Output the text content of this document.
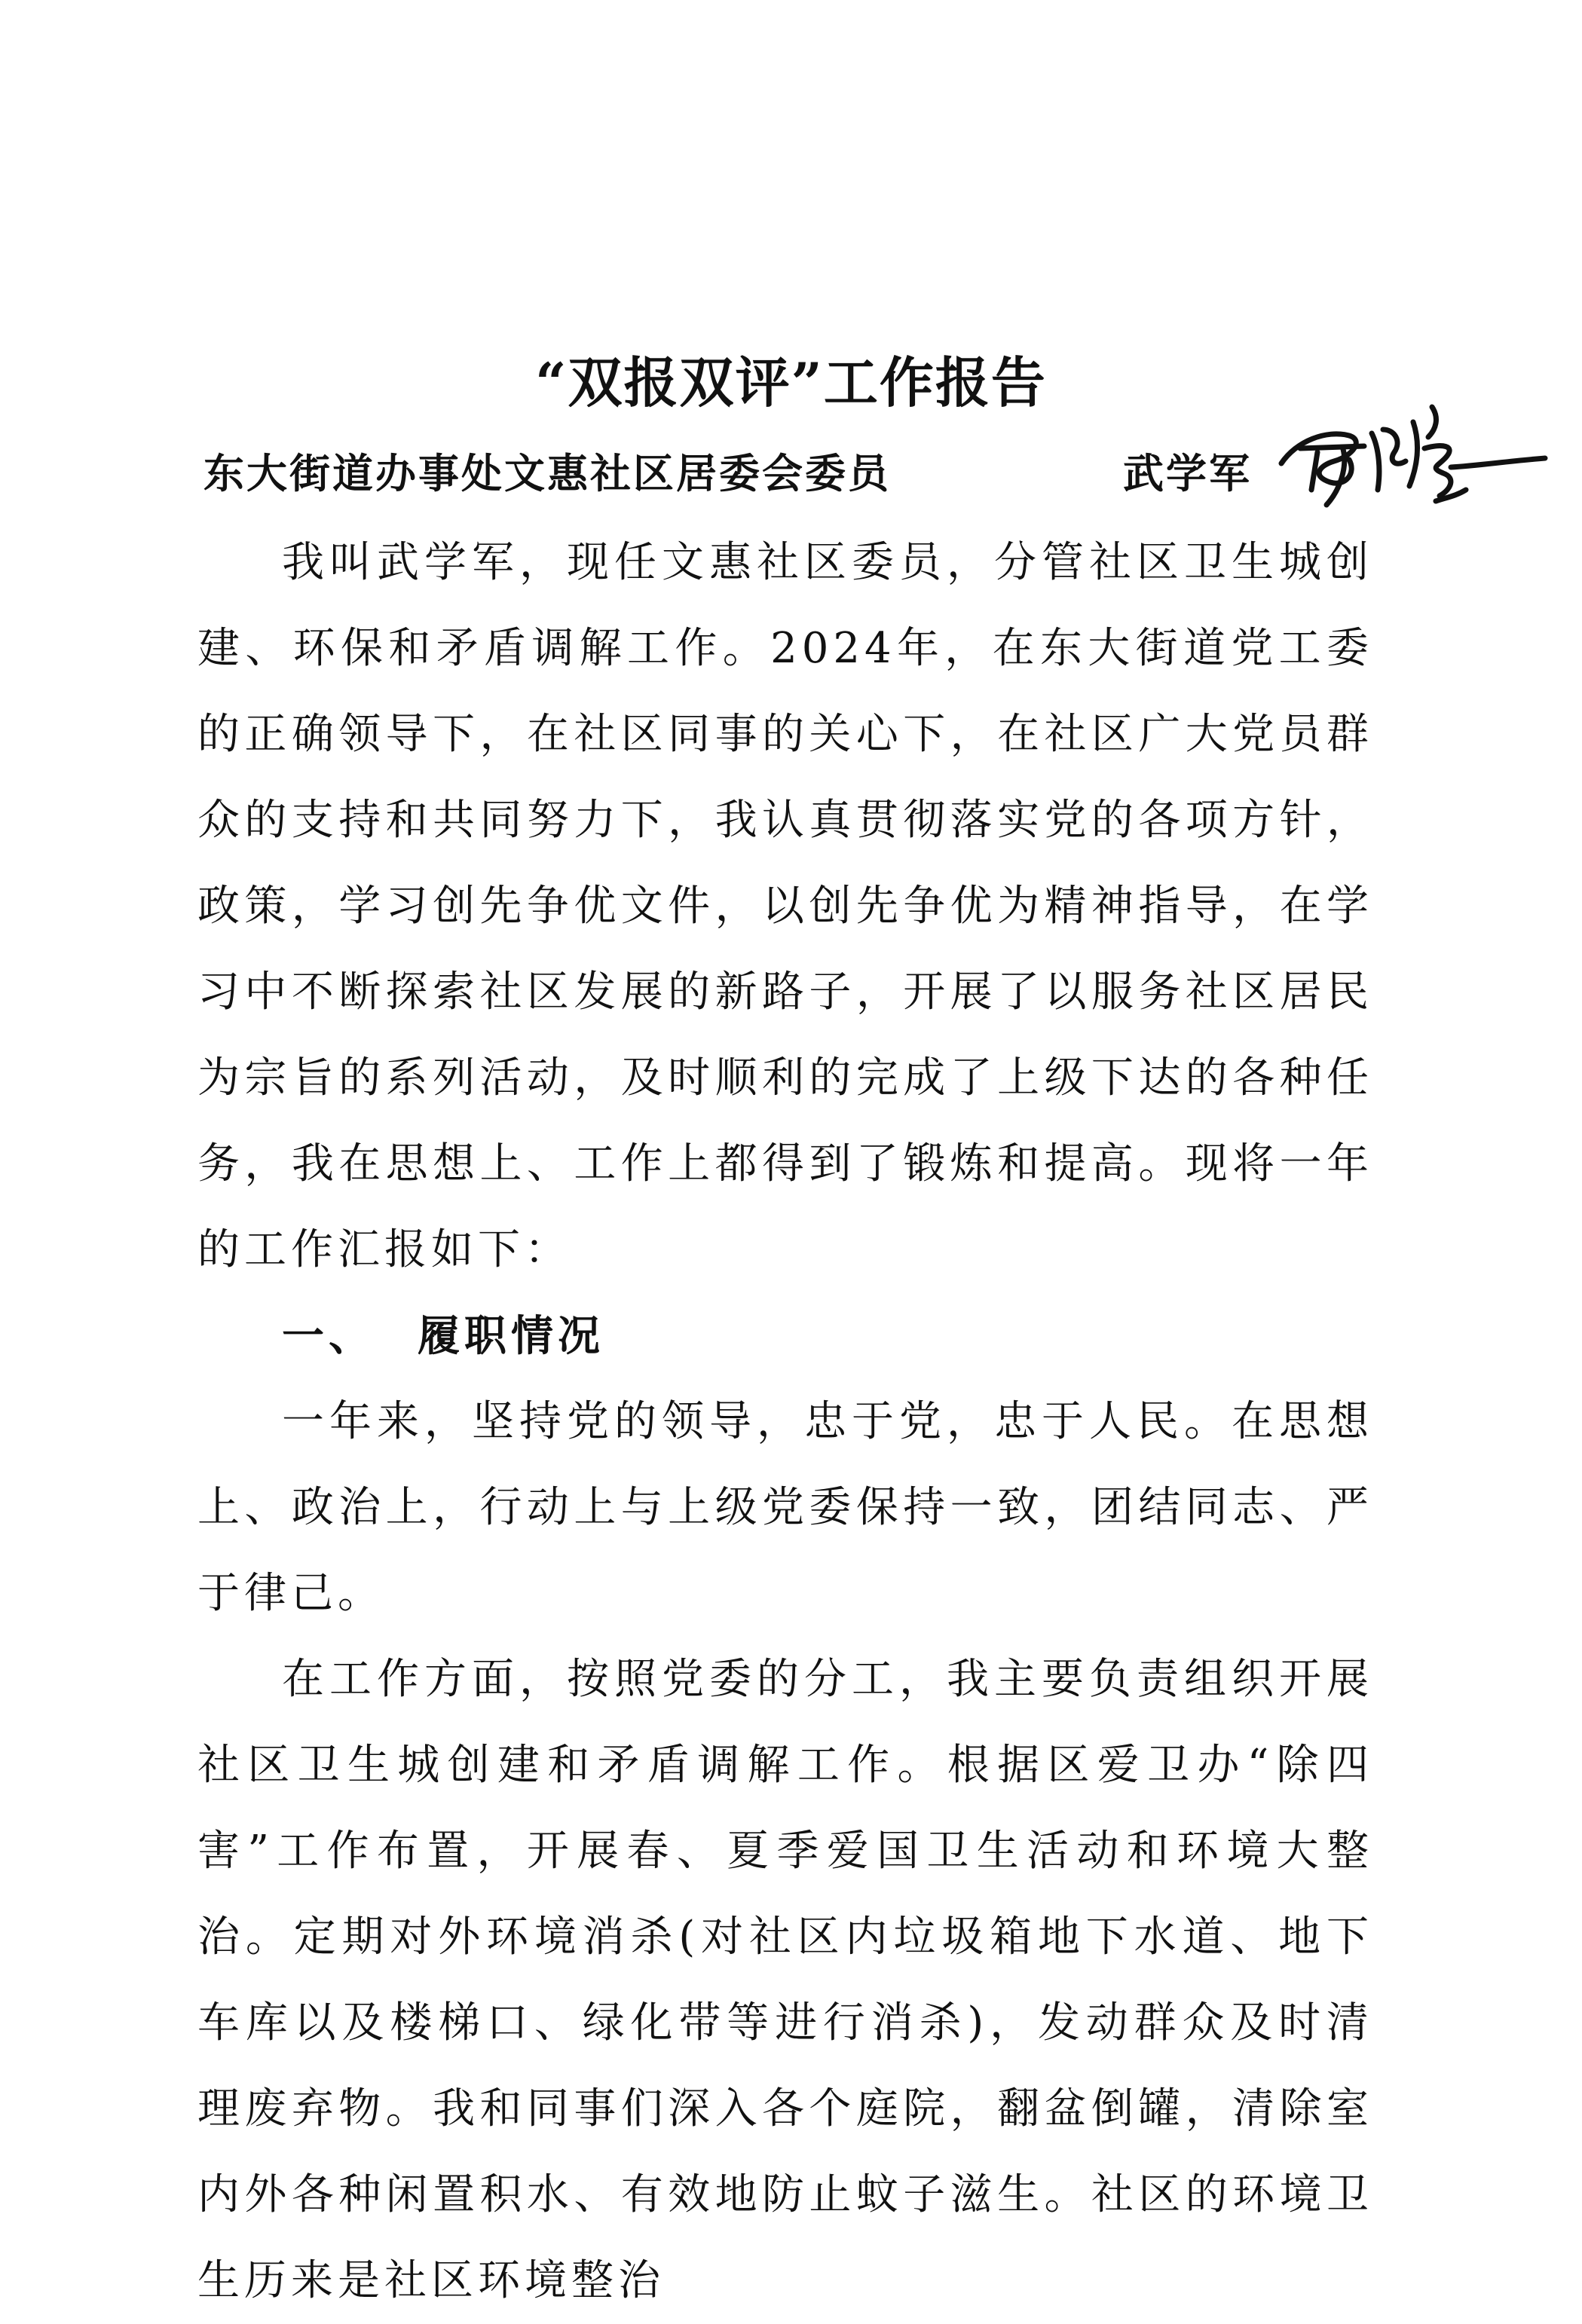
“双报双评”工作报告
东大街道办事处文惠社区居委会委员	武学军

我叫武学军，现任文惠社区委员，分管社区卫生城创建、环保和矛盾调解工作。2024年，在东大街道党工委的正确领导下，在社区同事的关心下，在社区广大党员群众的支持和共同努力下，我认真贯彻落实党的各项方针，政策，学习创先争优文件，以创先争优为精神指导，在学习中不断探索社区发展的新路子，开展了以服务社区居民为宗旨的系列活动，及时顺利的完成了上级下达的各种任务，我在思想上、工作上都得到了锻炼和提高。现将一年的工作汇报如下：

一、 履职情况

一年来，坚持党的领导，忠于党，忠于人民。在思想上、政治上，行动上与上级党委保持一致，团结同志、严于律己。

在工作方面，按照党委的分工，我主要负责组织开展社区卫生城创建和矛盾调解工作。根据区爱卫办“除四害”工作布置，开展春、夏季爱国卫生活动和环境大整治。定期对外环境消杀(对社区内垃圾箱地下水道、地下车库以及楼梯口、绿化带等进行消杀)，发动群众及时清理废弃物。我和同事们深入各个庭院，翻盆倒罐，清除室内外各种闲置积水、有效地防止蚊子滋生。社区的环境卫生历来是社区环境整治
